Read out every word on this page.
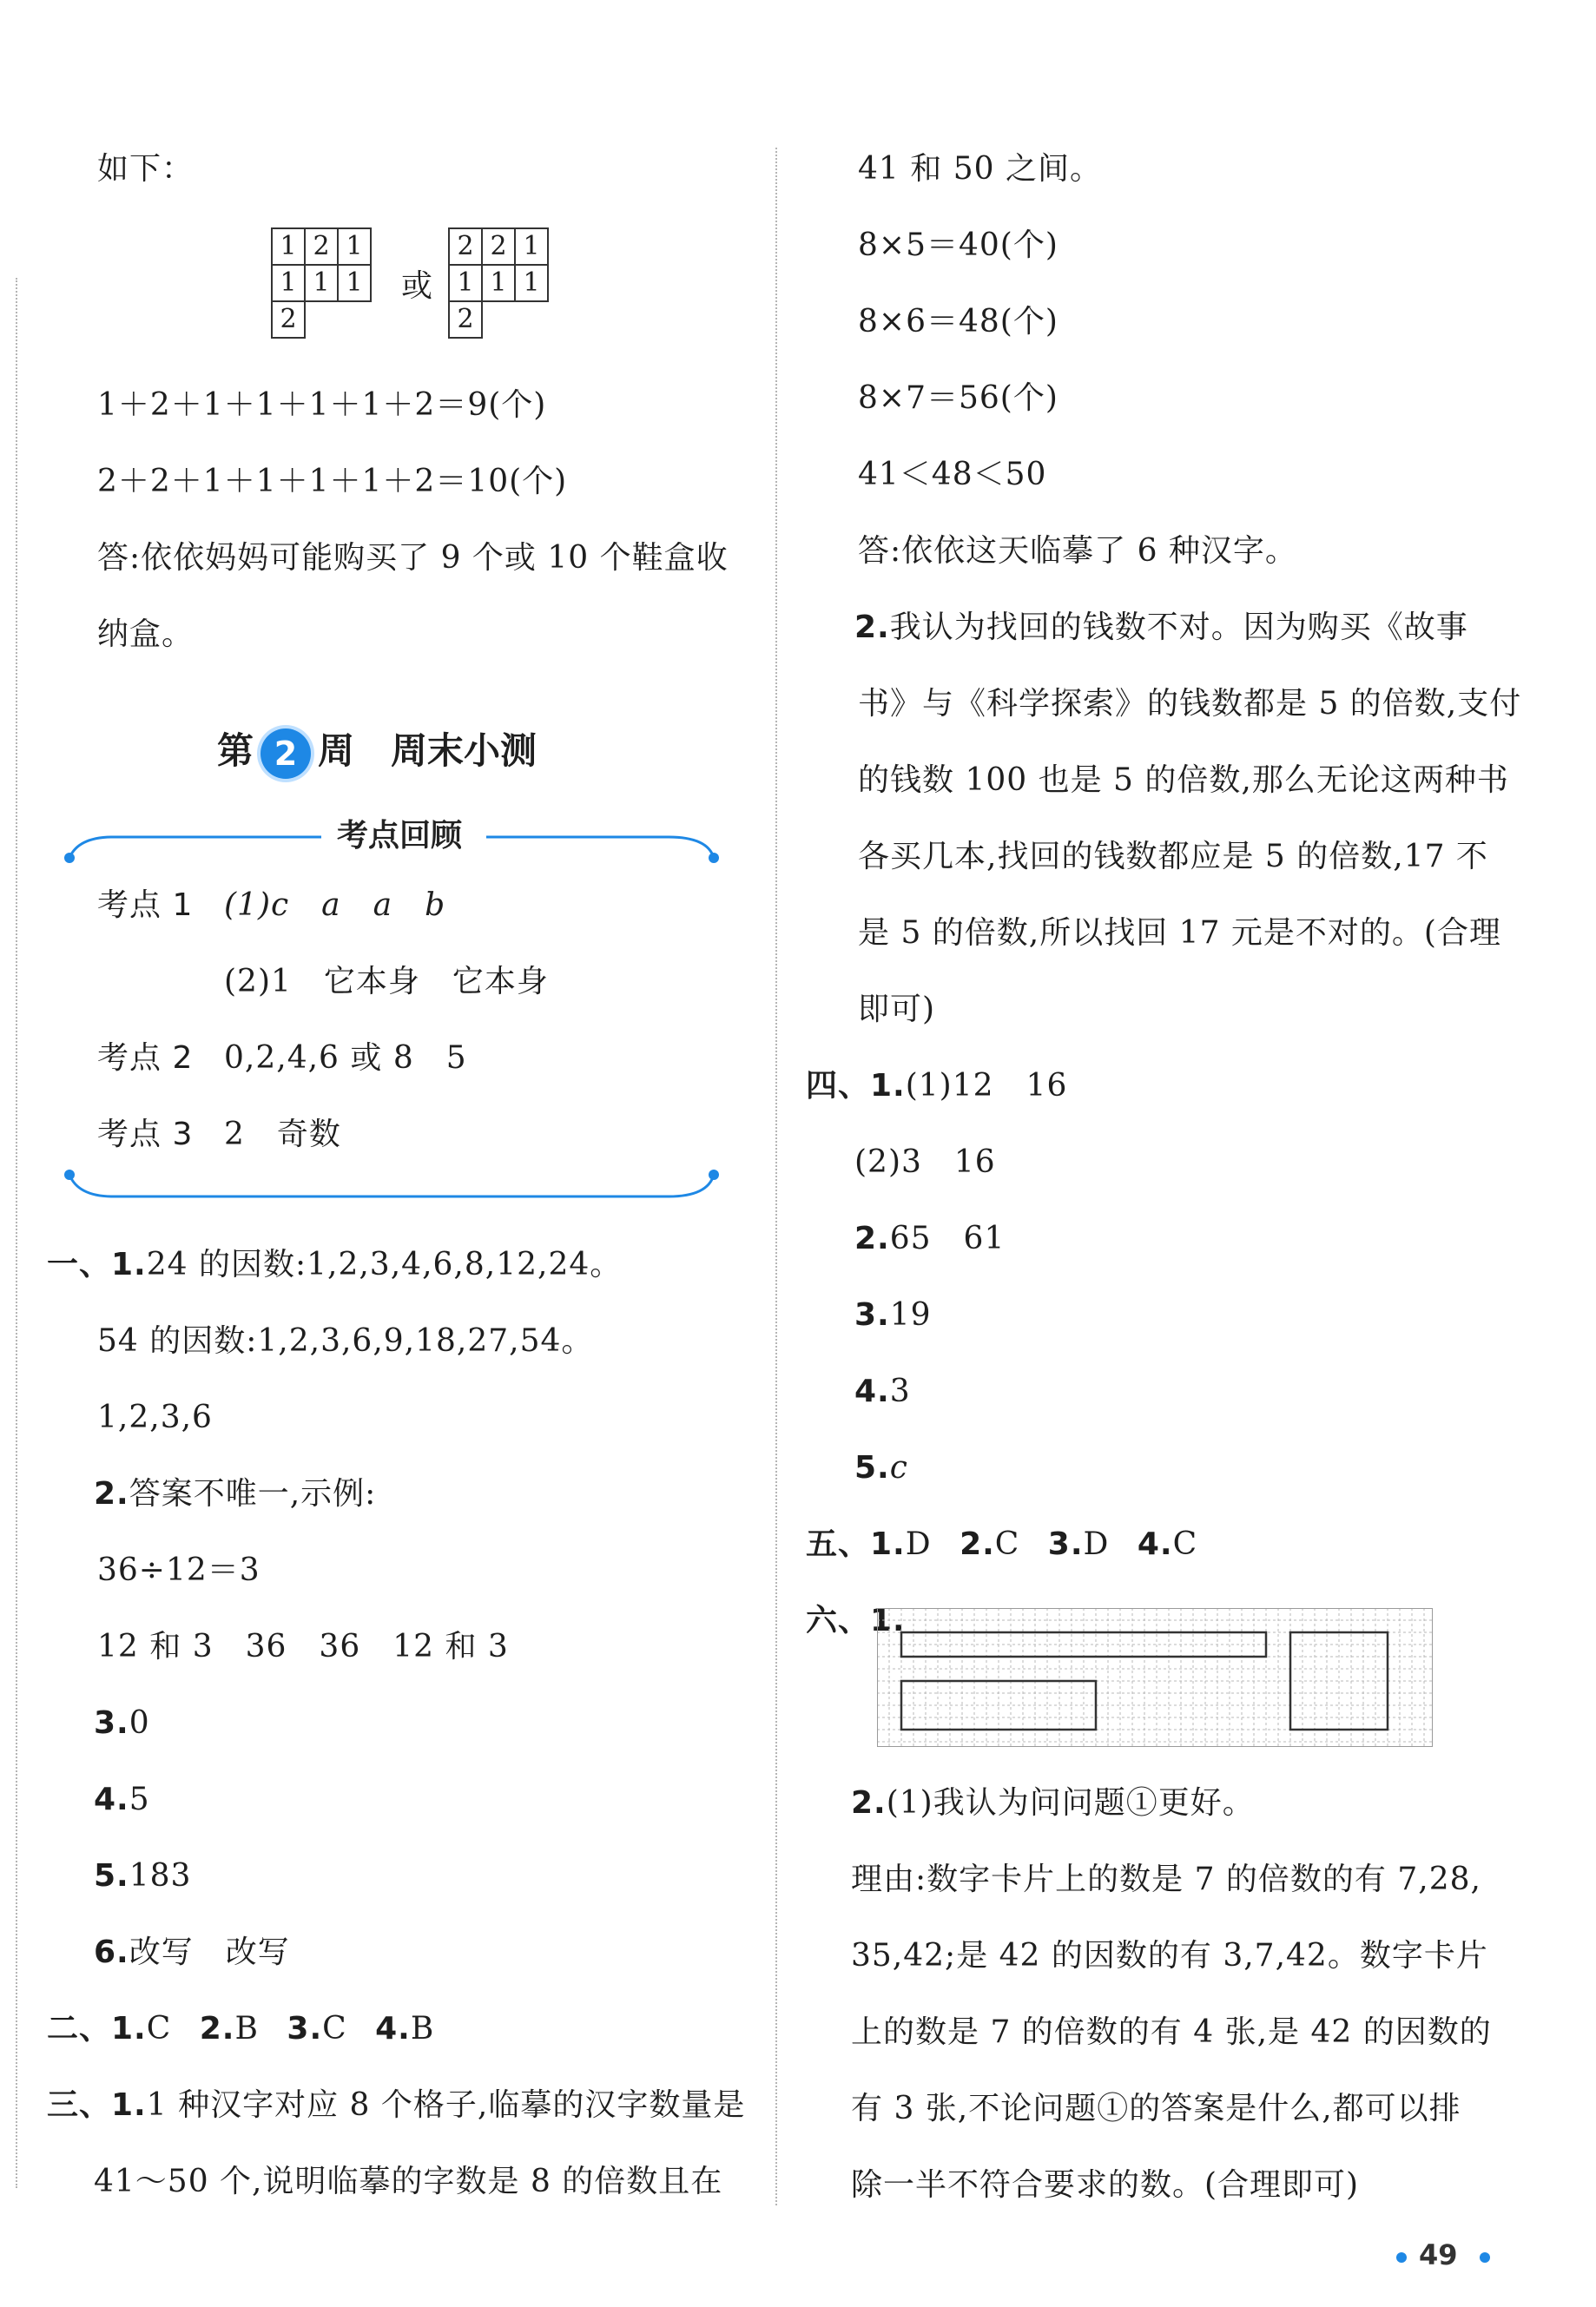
如下：
1 2 1
1 1 1
2
或
2 2 1
1 1 1
2
1＋2＋1＋1＋1＋1＋2＝9(个)
2＋2＋1＋1＋1＋1＋2＝10(个)
答:依依妈妈可能购买了 9 个或 10 个鞋盒收
纳盒。
第 2 周　周末小测
考点回顾
考点 1 (1)c　a　a　b
(2)1　它本身　它本身
考点 2 0,2,4,6 或 8　5
考点 3 2　奇数
一、1.24 的因数:1,2,3,4,6,8,12,24。
54 的因数:1,2,3,6,9,18,27,54。
1,2,3,6
2.答案不唯一,示例:
36÷12＝3
12 和 3　36　36　12 和 3
3.0
4.5
5.183
6.改写　改写
二、1.C 2.B 3.C 4.B
三、1.1 种汉字对应 8 个格子,临摹的汉字数量是
41～50 个,说明临摹的字数是 8 的倍数且在
41 和 50 之间。
8×5＝40(个)
8×6＝48(个)
8×7＝56(个)
41＜48＜50
答:依依这天临摹了 6 种汉字。
2.我认为找回的钱数不对。因为购买《故事
书》与《科学探索》的钱数都是 5 的倍数,支付
的钱数 100 也是 5 的倍数,那么无论这两种书
各买几本,找回的钱数都应是 5 的倍数,17 不
是 5 的倍数,所以找回 17 元是不对的。(合理
即可)
四、1.(1)12　16
(2)3　16
2.65　61
3.19
4.3
5.c
五、1.D 2.C 3.D 4.C
六、1.
2.(1)我认为问问题①更好。
理由:数字卡片上的数是 7 的倍数的有 7,28,
35,42;是 42 的因数的有 3,7,42。数字卡片
上的数是 7 的倍数的有 4 张,是 42 的因数的
有 3 张,不论问题①的答案是什么,都可以排
除一半不符合要求的数。(合理即可)
49
